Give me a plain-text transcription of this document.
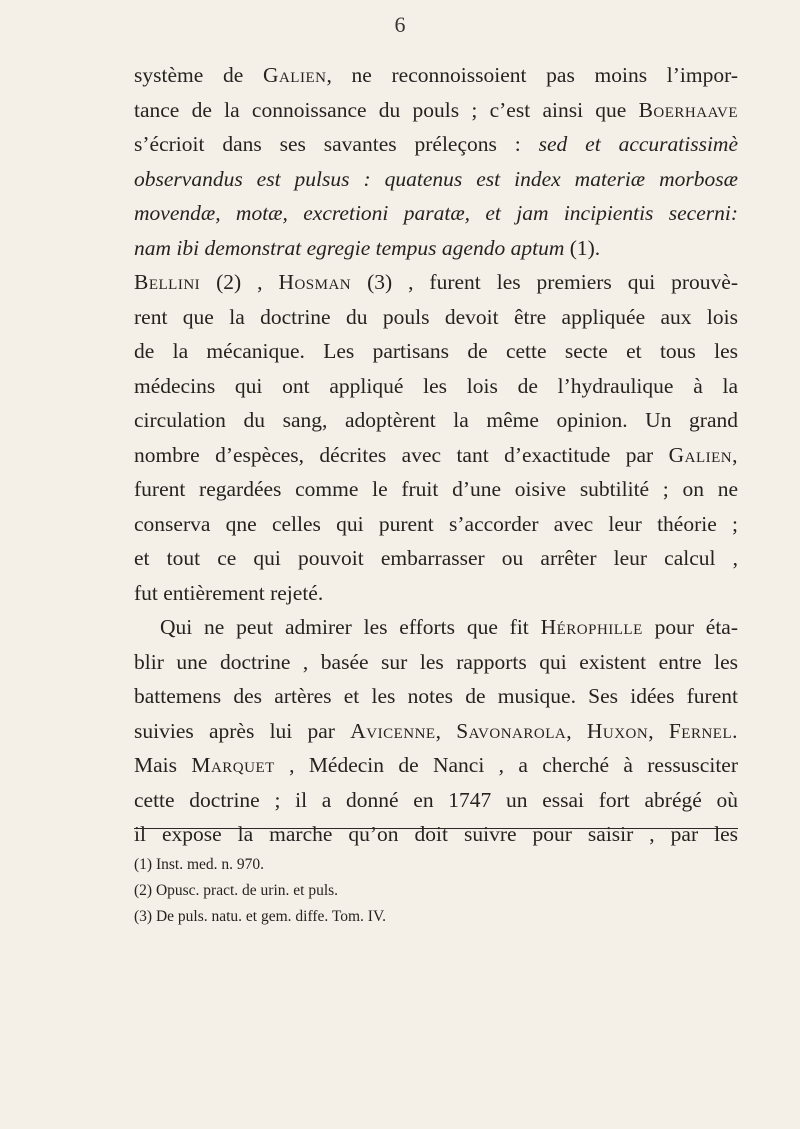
6
système de Galien, ne reconnoissoient pas moins l’impor-
tance de la connoissance du pouls ; c’est ainsi que Boerhaave
s’écrioit dans ses savantes préleçons : sed et accuratissimè
observandus est pulsus : quatenus est index materiæ morbosæ
movendæ, motæ, excretioni paratæ, et jam incipientis secerni:
nam ibi demonstrat egregie tempus agendo aptum (1).
Bellini (2) , Hosman (3) , furent les premiers qui prouvè-
rent que la doctrine du pouls devoit être appliquée aux lois
de la mécanique. Les partisans de cette secte et tous les
médecins qui ont appliqué les lois de l’hydraulique à la
circulation du sang, adoptèrent la même opinion. Un grand
nombre d’espèces, décrites avec tant d’exactitude par Galien,
furent regardées comme le fruit d’une oisive subtilité ; on ne
conserva qne celles qui purent s’accorder avec leur théorie ;
et tout ce qui pouvoit embarrasser ou arrêter leur calcul ,
fut entièrement rejeté.
Qui ne peut admirer les efforts que fit Hérophille pour éta-
blir une doctrine , basée sur les rapports qui existent entre les
battemens des artères et les notes de musique. Ses idées furent
suivies après lui par Avicenne, Savonarola, Huxon, Fernel.
Mais Marquet , Médecin de Nanci , a cherché à ressusciter
cette doctrine ; il a donné en 1747 un essai fort abrégé où
il expose la marche qu’on doit suivre pour saisir , par les
(1) Inst. med. n. 970.
(2) Opusc. pract. de urin. et puls.
(3) De puls. natu. et gem. diffe. Tom. IV.
